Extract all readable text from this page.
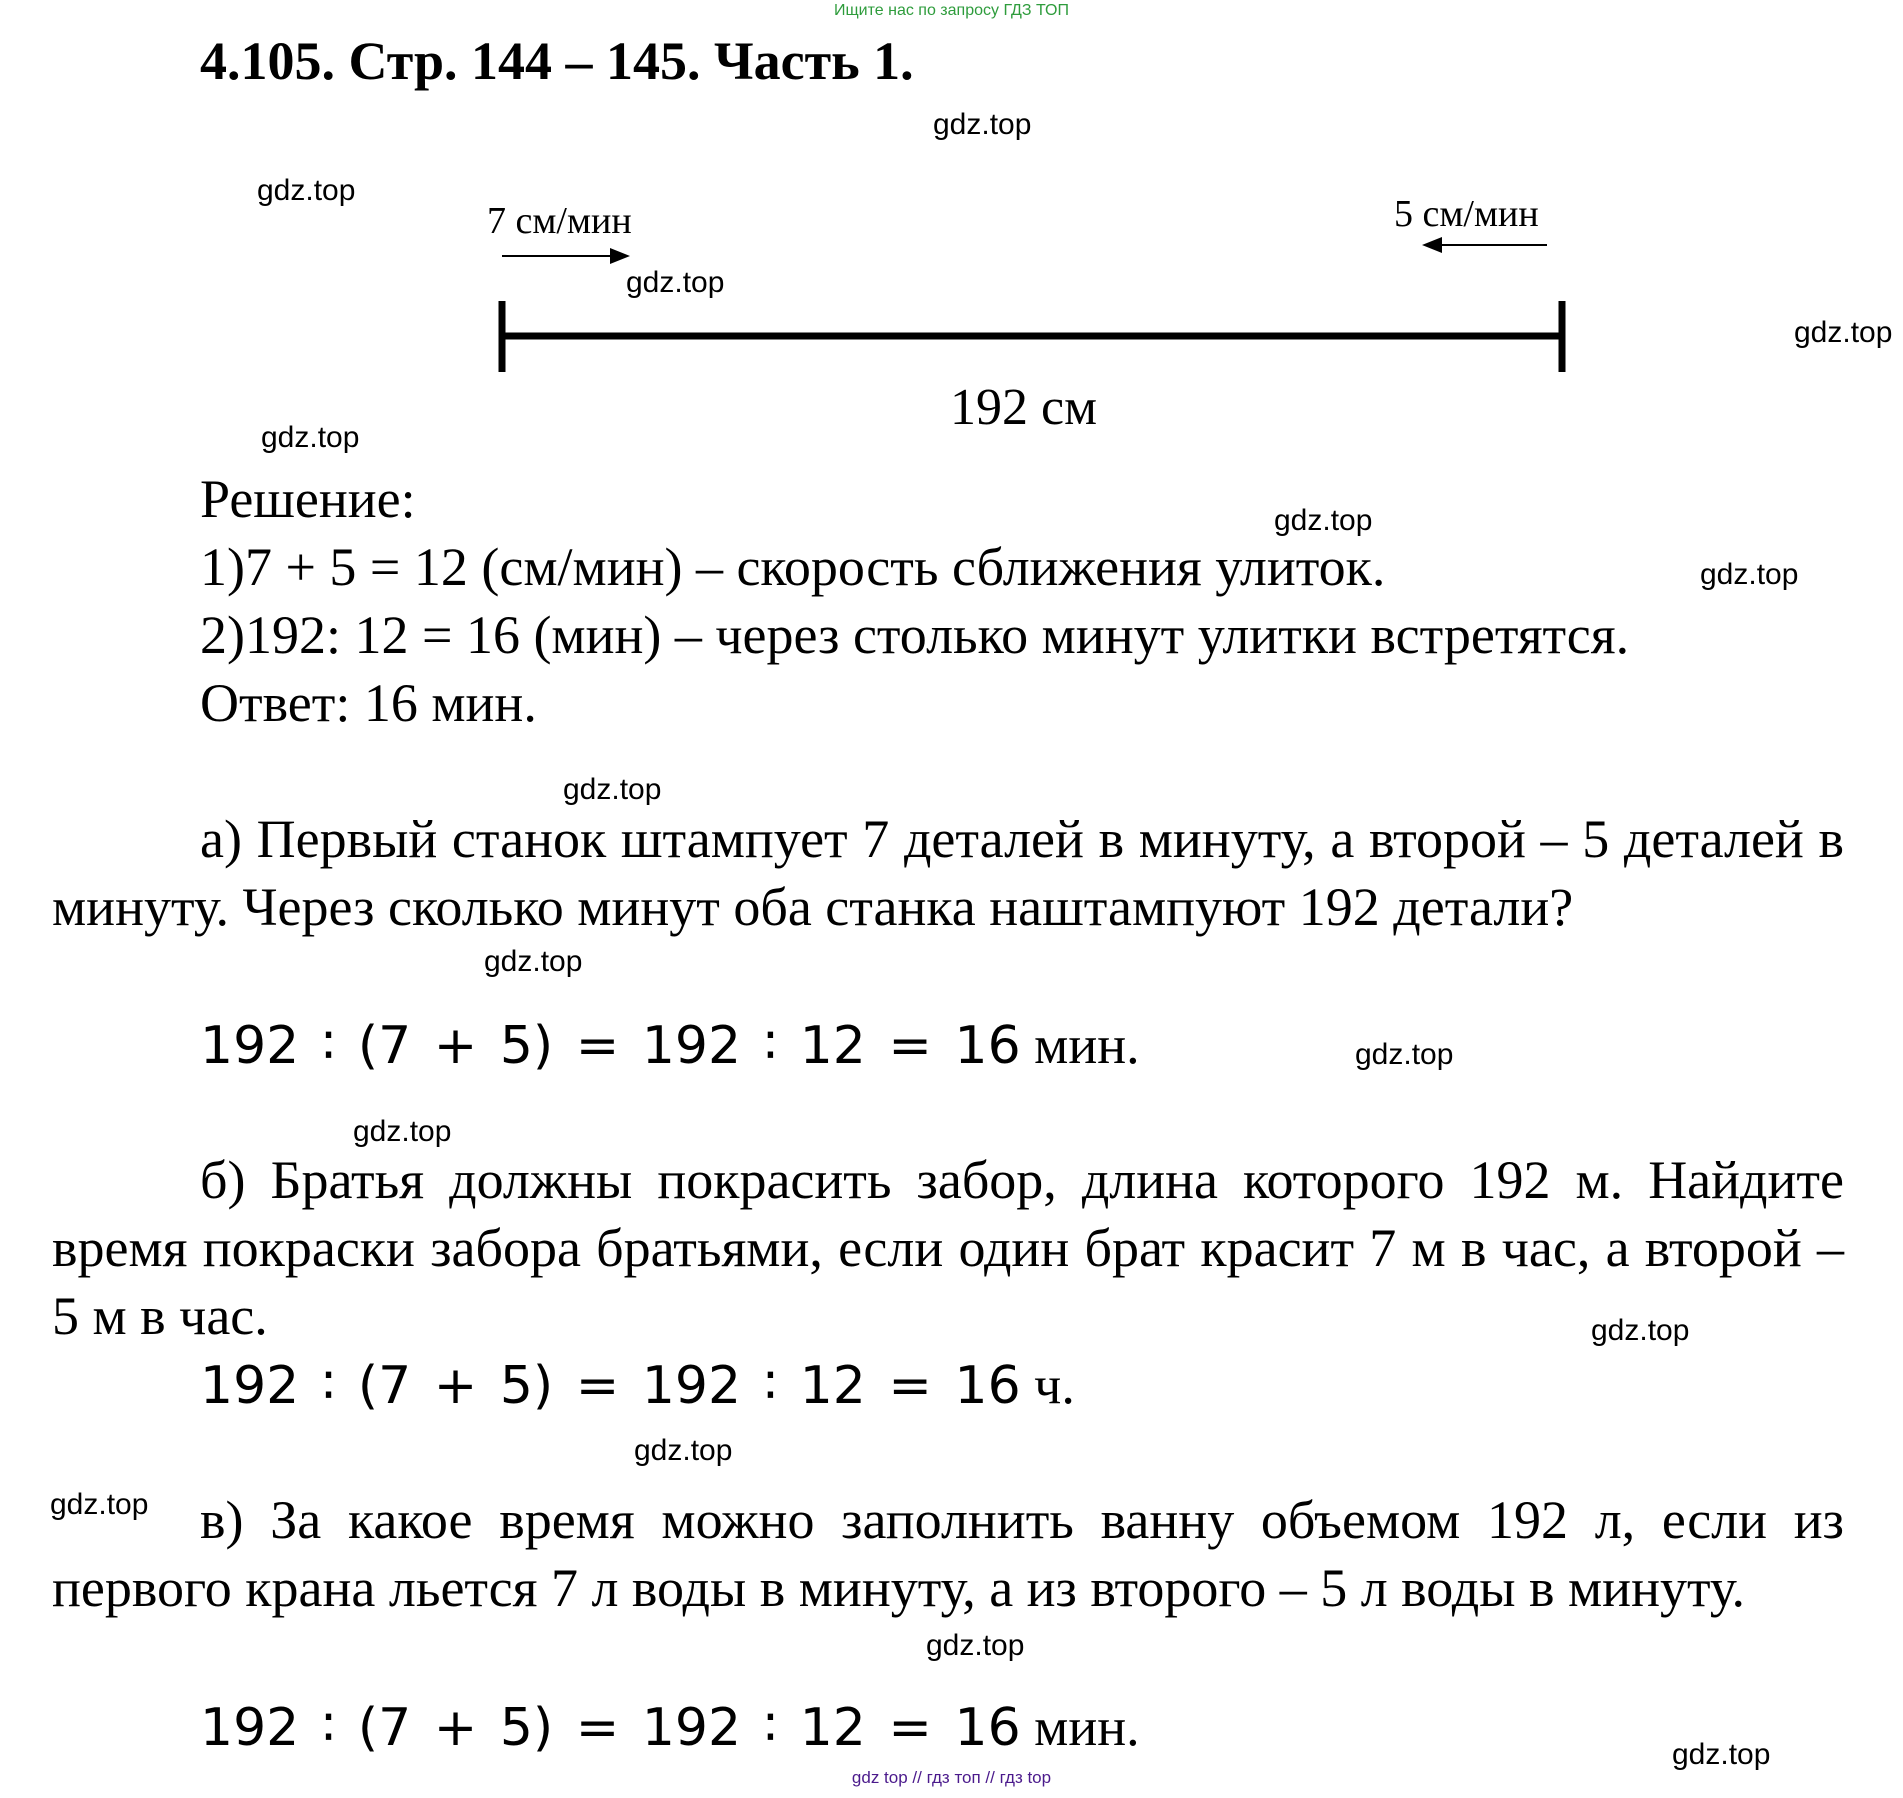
Ищите нас по запросу ГДЗ ТОП
4.105. Стр. 144 – 145. Часть 1.
7 см/мин	5 см/мин
192 см
Решение:
1)7 + 5 = 12 (см/мин) – скорость сближения улиток.
2)192: 12 = 16 (мин) – через столько минут улитки встретятся.
Ответ: 16 мин.
а) Первый станок штампует 7 деталей в минуту, а второй – 5 деталей в минуту. Через сколько минут оба станка наштампуют 192 детали?
192 ∶ (7 + 5) = 192 ∶ 12 = 16 мин.
б) Братья должны покрасить забор, длина которого 192 м. Найдите время покраски забора братьями, если один брат красит 7 м в час, а второй – 5 м в час.
192 ∶ (7 + 5) = 192 ∶ 12 = 16 ч.
в) За какое время можно заполнить ванну объемом 192 л, если из первого крана льется 7 л воды в минуту, а из второго – 5 л воды в минуту.
192 ∶ (7 + 5) = 192 ∶ 12 = 16 мин.
gdz.top
gdz.top
gdz.top
gdz.top
gdz.top
gdz.top
gdz.top
gdz.top
gdz.top
gdz.top
gdz.top
gdz.top
gdz.top
gdz.top
gdz.top
gdz.top
gdz top // гдз топ // гдз top
